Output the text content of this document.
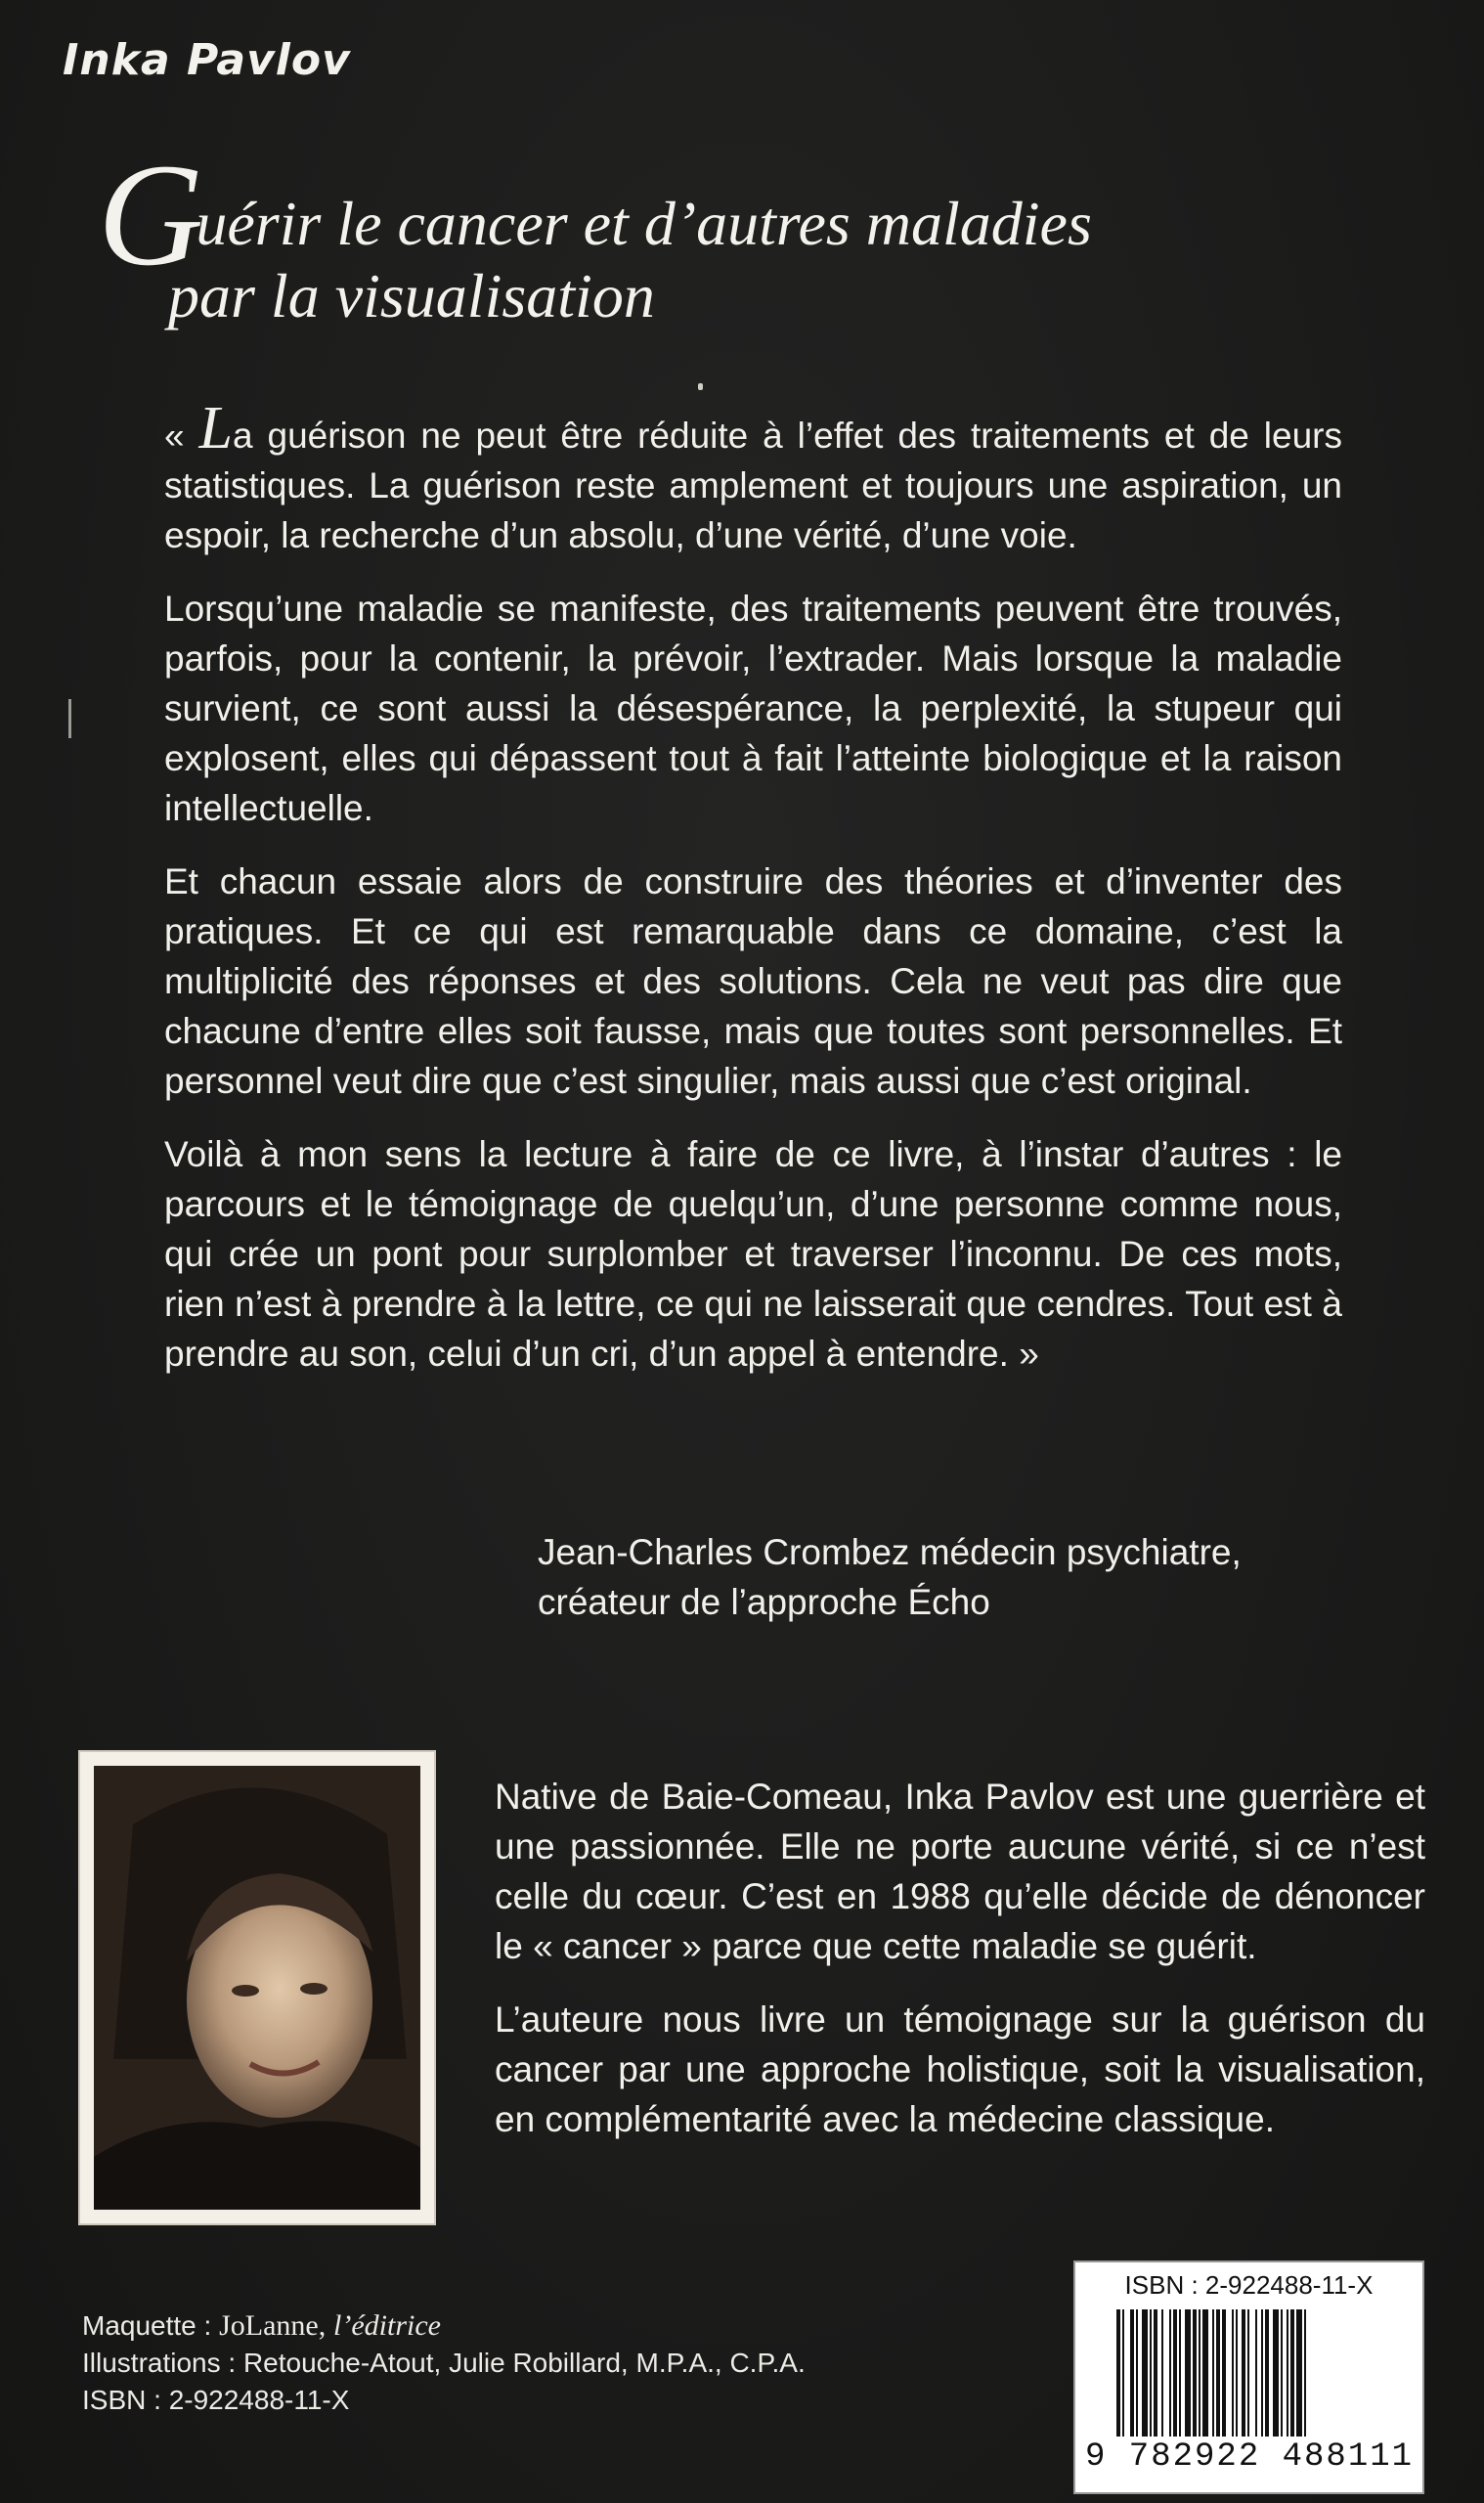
Inka Pavlov
Guérir le cancer et d’autres maladies
par la visualisation

« La guérison ne peut être réduite à l’effet des traitements et de leurs statistiques. La guérison reste amplement et toujours une aspiration, un espoir, la recherche d’un absolu, d’une vérité, d’une voie.

Lorsqu’une maladie se manifeste, des traitements peuvent être trouvés, parfois, pour la contenir, la prévoir, l’extrader. Mais lorsque la maladie survient, ce sont aussi la désespérance, la perplexité, la stupeur qui explosent, elles qui dépassent tout à fait l’atteinte biologique et la raison intellectuelle.

Et chacun essaie alors de construire des théories et d’inventer des pratiques. Et ce qui est remarquable dans ce domaine, c’est la multiplicité des réponses et des solutions. Cela ne veut pas dire que chacune d’entre elles soit fausse, mais que toutes sont personnelles. Et personnel veut dire que c’est singulier, mais aussi que c’est original.

Voilà à mon sens la lecture à faire de ce livre, à l’instar d’autres : le parcours et le témoignage de quelqu’un, d’une personne comme nous, qui crée un pont pour surplomber et traverser l’inconnu. De ces mots, rien n’est à prendre à la lettre, ce qui ne laisserait que cendres. Tout est à prendre au son, celui d’un cri, d’un appel à entendre. »

Jean-Charles Crombez médecin psychiatre,
créateur de l’approche Écho

Native de Baie-Comeau, Inka Pavlov est une guerrière et une passionnée. Elle ne porte aucune vérité, si ce n’est celle du cœur. C’est en 1988 qu’elle décide de dénoncer le « cancer » parce que cette maladie se guérit.

L’auteure nous livre un témoignage sur la guérison du cancer par une approche holistique, soit la visualisation, en complémentarité avec la médecine classique.

Maquette : JoLanne, l’éditrice
Illustrations : Retouche-Atout, Julie Robillard, M.P.A., C.P.A.
ISBN : 2-922488-11-X
ISBN : 2-922488-11-X
9 782922 488111
